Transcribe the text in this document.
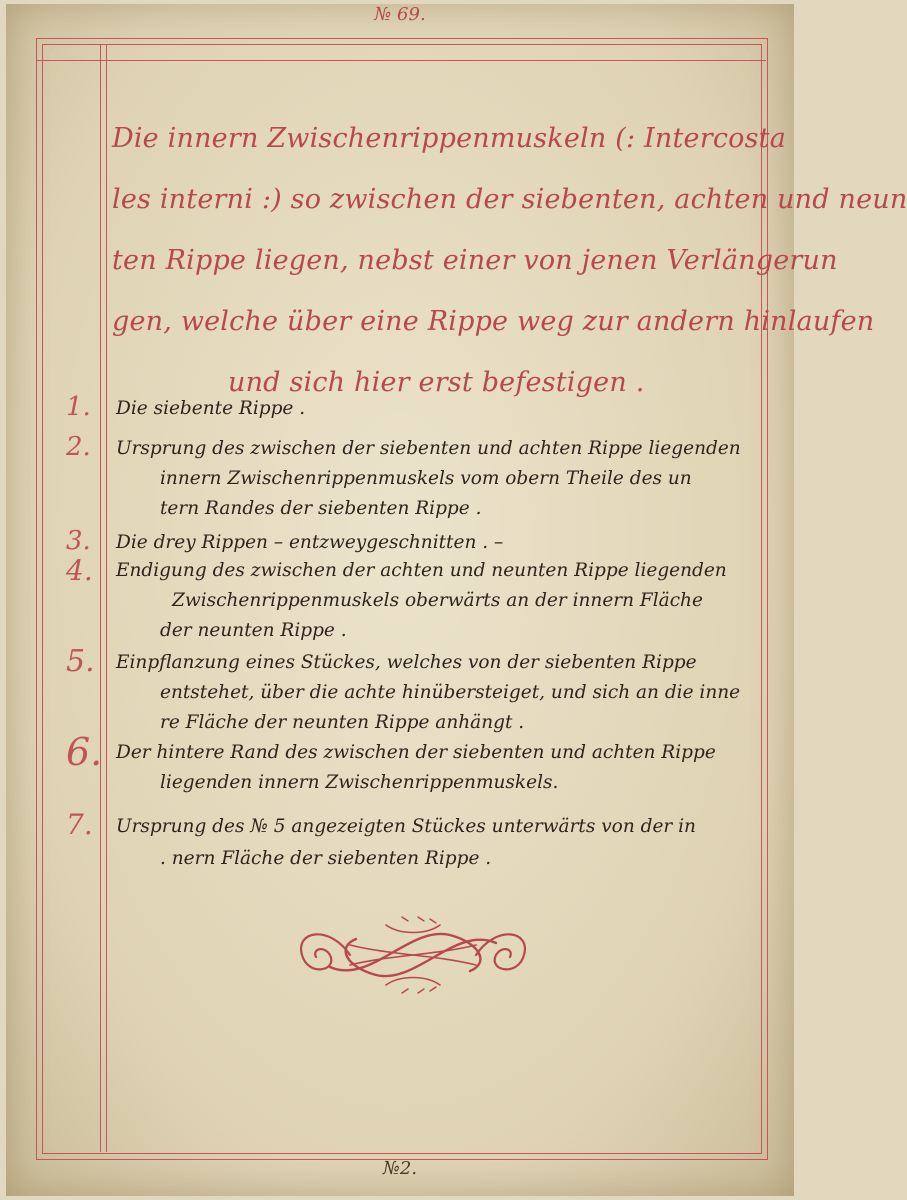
№ 69.
Die innern Zwischenrippenmuskeln (: Intercosta
les interni :) so zwischen der siebenten, achten und neun
ten Rippe liegen, nebst einer von jenen Verlängerun
gen, welche über eine Rippe weg zur andern hinlaufen
und sich hier erst befestigen .
1.	Die siebente Rippe .
2.	Ursprung des zwischen der siebenten und achten Rippe liegenden
innern Zwischenrippenmuskels vom obern Theile des un
tern Randes der siebenten Rippe .
3.	Die drey Rippen – entzweygeschnitten . –
4.	Endigung des zwischen der achten und neunten Rippe liegenden
Zwischenrippenmuskels oberwärts an der innern Fläche
der neunten Rippe .
5.	Einpflanzung eines Stückes, welches von der siebenten Rippe
entstehet, über die achte hinübersteiget, und sich an die inne
re Fläche der neunten Rippe anhängt .
6. Der hintere Rand des zwischen der siebenten und achten Rippe
liegenden innern Zwischenrippenmuskels.
7.	Ursprung des № 5 angezeigten Stückes unterwärts von der in
. nern Fläche der siebenten Rippe .
№2.
